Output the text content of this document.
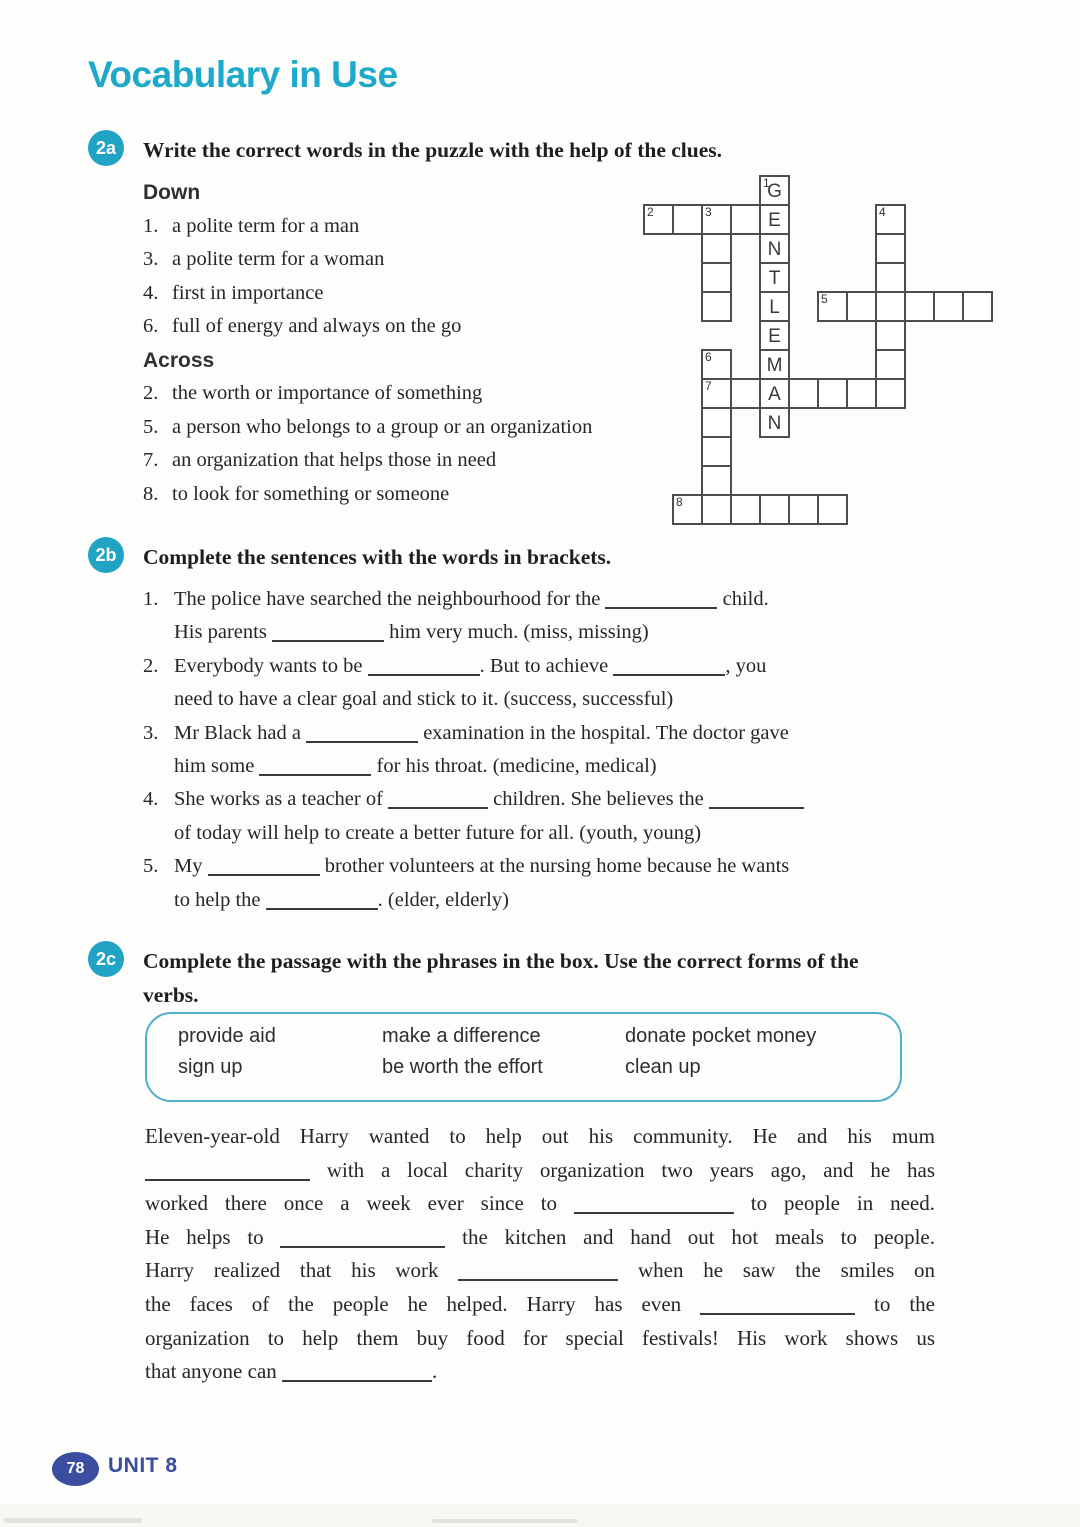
Vocabulary in Use
2a	Write the correct words in the puzzle with the help of the clues.
Down
1. a polite term for a man
3. a polite term for a woman
4. first in importance
6. full of energy and always on the go
Across
2. the worth or importance of something
5. a person who belongs to a group or an organization
7. an organization that helps those in need
8. to look for something or someone
1
G
2	3	E	4
N
T
L	5
E
6	M
7	A
N
8
2b	Complete the sentences with the words in brackets.
1. The police have searched the neighbourhood for the	child.
His parents	him very much. (miss, missing)
2. Everybody wants to be	. But to achieve	, you
need to have a clear goal and stick to it. (success, successful)
3. Mr Black had a	examination in the hospital. The doctor gave
him some	for his throat. (medicine, medical)
4. She works as a teacher of	children. She believes the
of today will help to create a better future for all. (youth, young)
5. My	brother volunteers at the nursing home because he wants
to help the	. (elder, elderly)
2c	Complete the passage with the phrases in the box. Use the correct forms of the
verbs.
provide aid	make a difference	donate pocket money
sign up	be worth the effort	clean up
Eleven-year-old Harry wanted to help out his community. He and his mum
with a local charity organization two years ago, and he has
worked there once a week ever since to	to people in need.
He helps to	the kitchen and hand out hot meals to people.
Harry realized that his work	when he saw the smiles on
the faces of the people he helped. Harry has even	to the
organization to help them buy food for special festivals! His work shows us
that anyone can	.
78	UNIT 8
